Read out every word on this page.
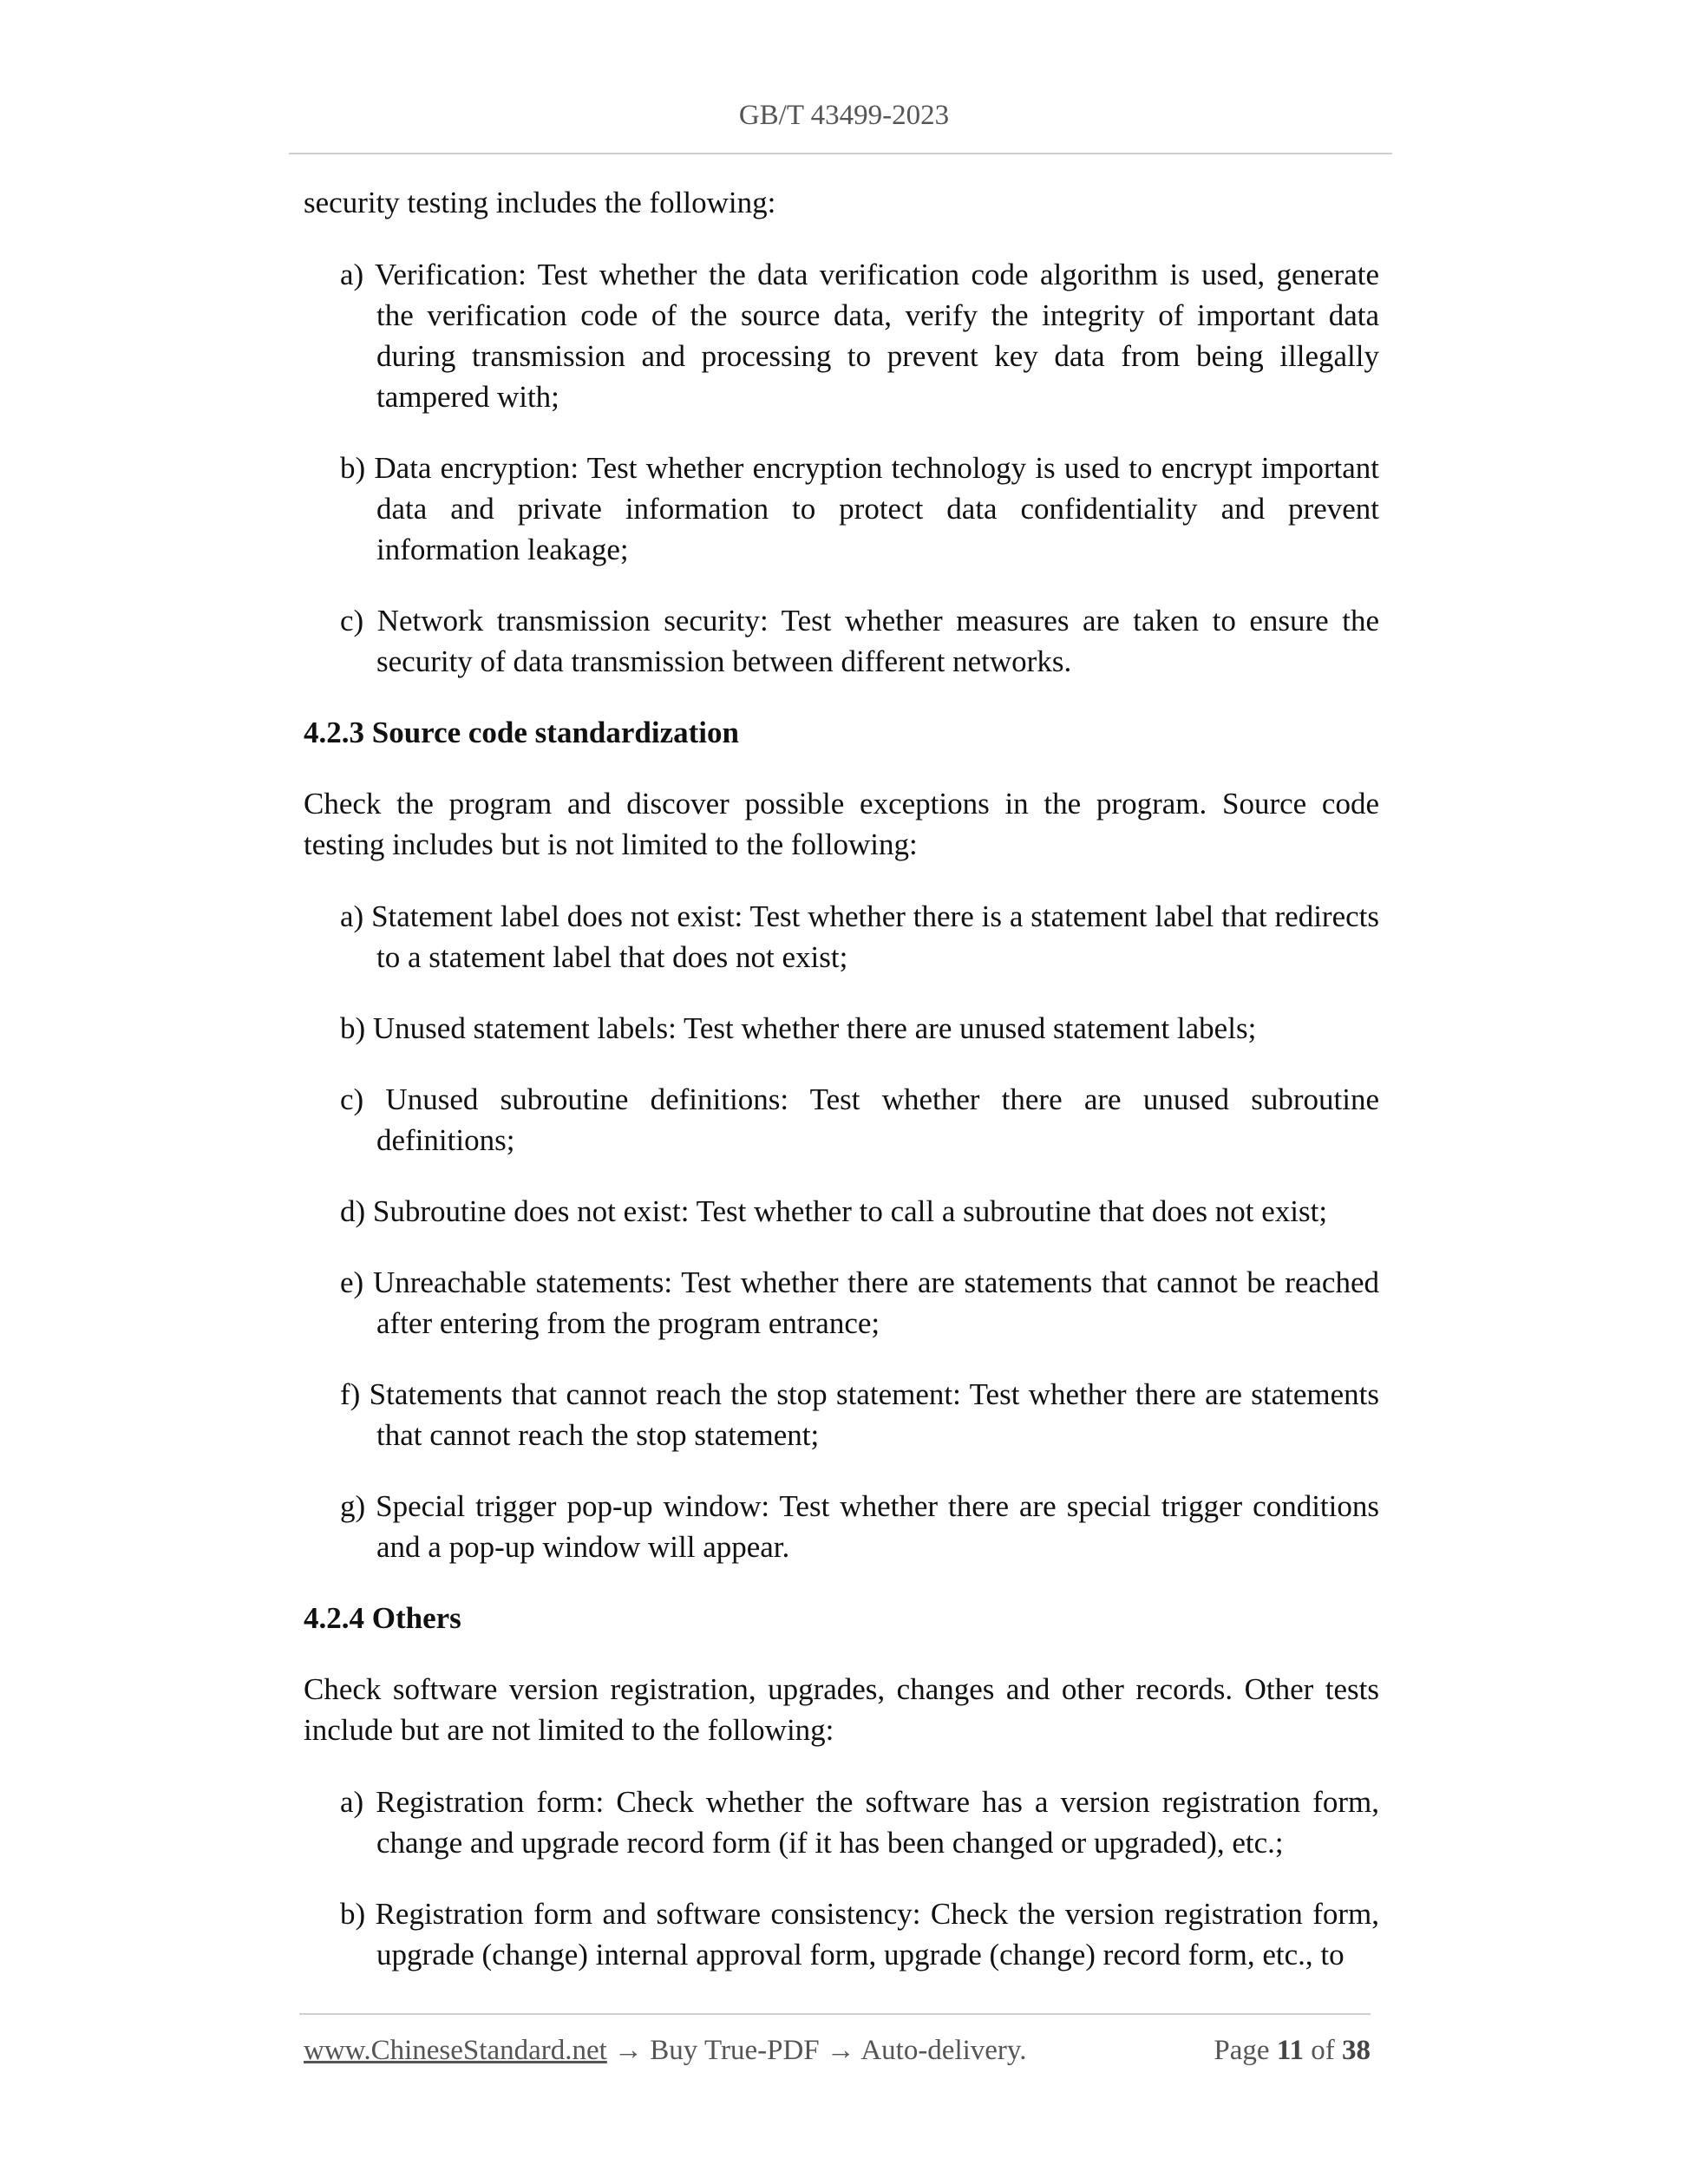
GB/T 43499-2023

security testing includes the following:

a) Verification: Test whether the data verification code algorithm is used, generate the verification code of the source data, verify the integrity of important data during transmission and processing to prevent key data from being illegally tampered with;

b) Data encryption: Test whether encryption technology is used to encrypt important data and private information to protect data confidentiality and prevent information leakage;

c) Network transmission security: Test whether measures are taken to ensure the security of data transmission between different networks.

4.2.3 Source code standardization

Check the program and discover possible exceptions in the program. Source code testing includes but is not limited to the following:

a) Statement label does not exist: Test whether there is a statement label that redirects to a statement label that does not exist;

b) Unused statement labels: Test whether there are unused statement labels;

c) Unused subroutine definitions: Test whether there are unused subroutine definitions;

d) Subroutine does not exist: Test whether to call a subroutine that does not exist;

e) Unreachable statements: Test whether there are statements that cannot be reached after entering from the program entrance;

f) Statements that cannot reach the stop statement: Test whether there are statements that cannot reach the stop statement;

g) Special trigger pop-up window: Test whether there are special trigger conditions and a pop-up window will appear.

4.2.4 Others

Check software version registration, upgrades, changes and other records. Other tests include but are not limited to the following:

a) Registration form: Check whether the software has a version registration form, change and upgrade record form (if it has been changed or upgraded), etc.;

b) Registration form and software consistency: Check the version registration form, upgrade (change) internal approval form, upgrade (change) record form, etc., to

www.ChineseStandard.net → Buy True-PDF → Auto-delivery.	Page 11 of 38
